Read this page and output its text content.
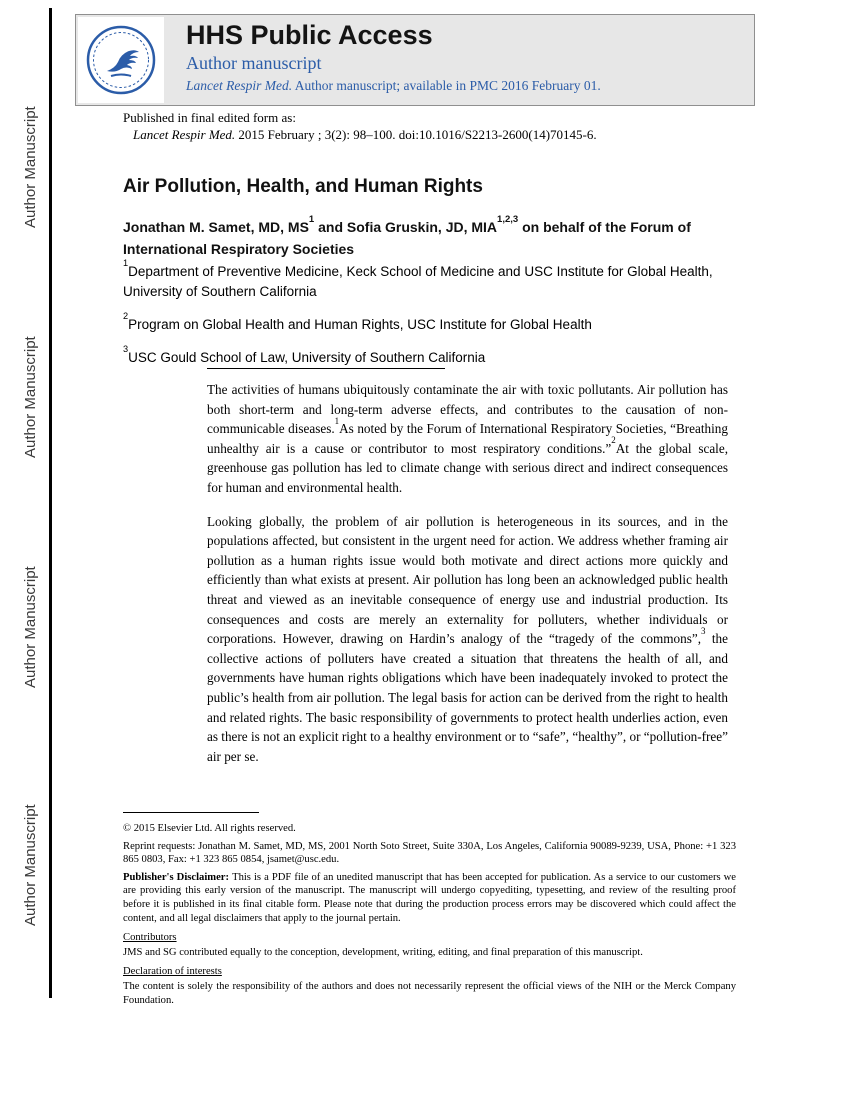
Author Manuscript
Author Manuscript
Author Manuscript
Author Manuscript
HHS Public Access
Author manuscript
Lancet Respir Med. Author manuscript; available in PMC 2016 February 01.
Published in final edited form as:
Lancet Respir Med. 2015 February ; 3(2): 98–100. doi:10.1016/S2213-2600(14)70145-6.
Air Pollution, Health, and Human Rights
Jonathan M. Samet, MD, $MS^1$ and Sofia Gruskin, JD, MIA$^{1,2,3}$ on behalf of the Forum of International Respiratory Societies
$^1$Department of Preventive Medicine, Keck School of Medicine and USC Institute for Global Health, University of Southern California
$^2$Program on Global Health and Human Rights, USC Institute for Global Health
$^3$USC Gould School of Law, University of Southern California

The activities of humans ubiquitously contaminate the air with toxic pollutants. Air pollution has both short-term and long-term adverse effects, and contributes to the causation of non-communicable diseases.$^1$As noted by the Forum of International Respiratory Societies, “Breathing unhealthy air is a cause or contributor to most respiratory conditions.”$^2$At the global scale, greenhouse gas pollution has led to climate change with serious direct and indirect consequences for human and environmental health.

Looking globally, the problem of air pollution is heterogeneous in its sources, and in the populations affected, but consistent in the urgent need for action. We address whether framing air pollution as a human rights issue would both motivate and direct actions more quickly and efficiently than what exists at present. Air pollution has long been an acknowledged public health threat and viewed as an inevitable consequence of energy use and industrial production. Its consequences and costs are merely an externality for polluters, whether individuals or corporations. However, drawing on Hardin’s analogy of the “tragedy of the commons”,$^3$ the collective actions of polluters have created a situation that threatens the health of all, and governments have human rights obligations which have been inadequately invoked to protect the public’s health from air pollution. The legal basis for action can be derived from the right to health and related rights. The basic responsibility of governments to protect health underlies action, even as there is not an explicit right to a healthy environment or to “safe”, “healthy”, or “pollution-free” air per se.

© 2015 Elsevier Ltd. All rights reserved.
Reprint requests: Jonathan M. Samet, MD, MS, 2001 North Soto Street, Suite 330A, Los Angeles, California 90089-9239, USA, Phone: +1 323 865 0803, Fax: +1 323 865 0854, jsamet@usc.edu.
Publisher's Disclaimer: This is a PDF file of an unedited manuscript that has been accepted for publication. As a service to our customers we are providing this early version of the manuscript. The manuscript will undergo copyediting, typesetting, and review of the resulting proof before it is published in its final citable form. Please note that during the production process errors may be discovered which could affect the content, and all legal disclaimers that apply to the journal pertain.
Contributors
JMS and SG contributed equally to the conception, development, writing, editing, and final preparation of this manuscript.
Declaration of interests
The content is solely the responsibility of the authors and does not necessarily represent the official views of the NIH or the Merck Company Foundation.
